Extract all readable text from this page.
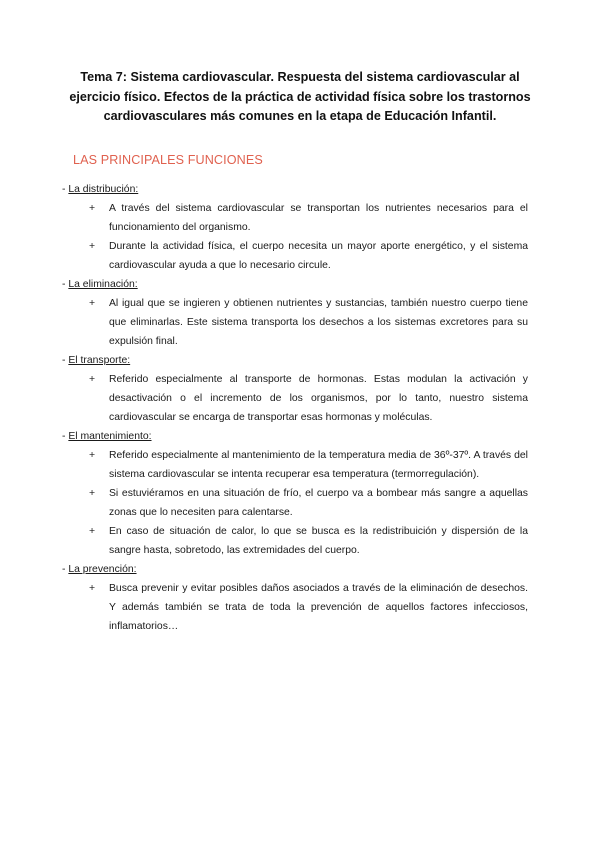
Tema 7: Sistema cardiovascular. Respuesta del sistema cardiovascular al
ejercicio físico. Efectos de la práctica de actividad física sobre los trastornos
cardiovasculares más comunes en la etapa de Educación Infantil.
LAS PRINCIPALES FUNCIONES
- La distribución:
+ A través del sistema cardiovascular se transportan los nutrientes necesarios para el funcionamiento del organismo.
+ Durante la actividad física, el cuerpo necesita un mayor aporte energético, y el sistema cardiovascular ayuda a que lo necesario circule.
- La eliminación:
+ Al igual que se ingieren y obtienen nutrientes y sustancias, también nuestro cuerpo tiene que eliminarlas. Este sistema transporta los desechos a los sistemas excretores para su expulsión final.
- El transporte:
+ Referido especialmente al transporte de hormonas. Estas modulan la activación y desactivación o el incremento de los organismos, por lo tanto, nuestro sistema cardiovascular se encarga de transportar esas hormonas y moléculas.
- El mantenimiento:
+ Referido especialmente al mantenimiento de la temperatura media de 36º-37º. A través del sistema cardiovascular se intenta recuperar esa temperatura (termorregulación).
+ Si estuviéramos en una situación de frío, el cuerpo va a bombear más sangre a aquellas zonas que lo necesiten para calentarse.
+ En caso de situación de calor, lo que se busca es la redistribuición y dispersión de la sangre hasta, sobretodo, las extremidades del cuerpo.
- La prevención:
+ Busca prevenir y evitar posibles daños asociados a través de la eliminación de desechos. Y además también se trata de toda la prevención de aquellos factores infecciosos, inflamatorios…
